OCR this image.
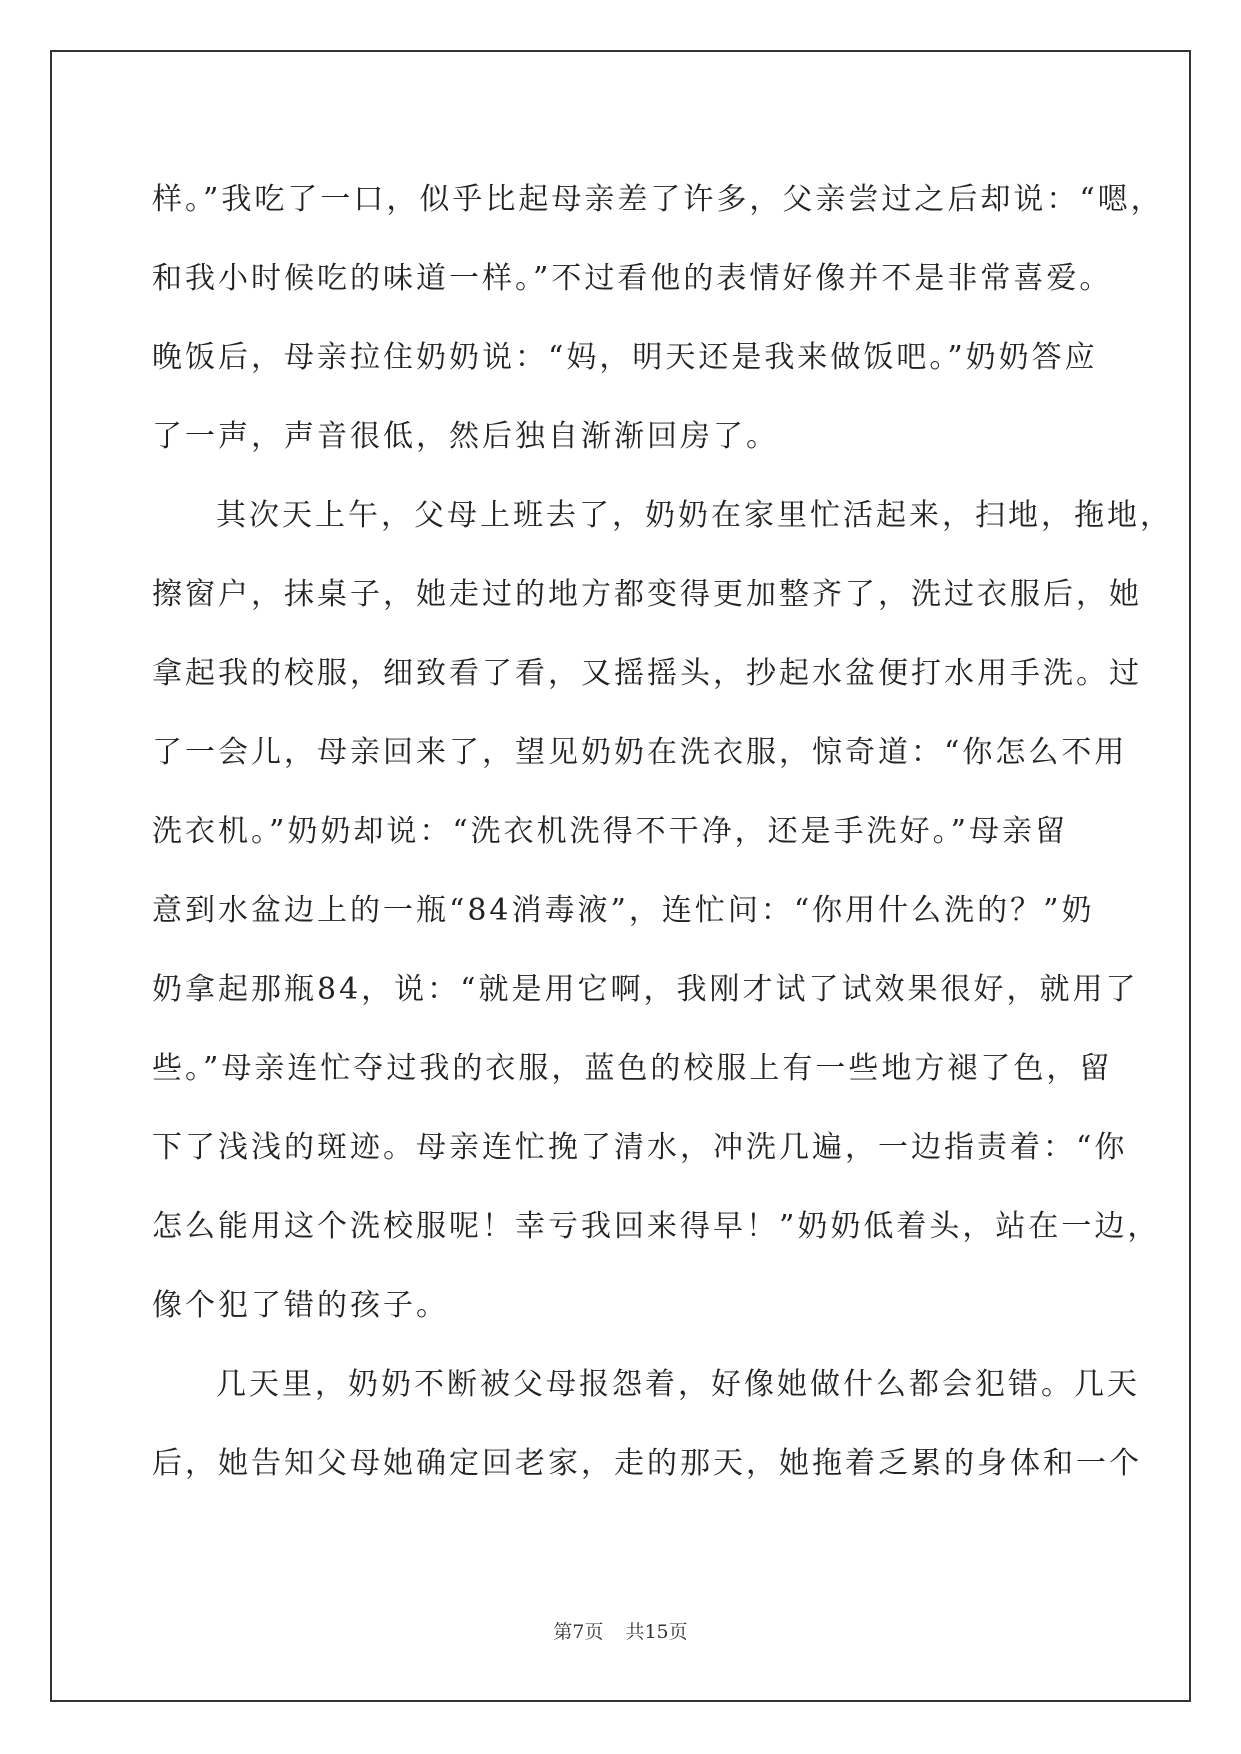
样。”我吃了一口，似乎比起母亲差了许多，父亲尝过之后却说：“嗯，
和我小时候吃的味道一样。”不过看他的表情好像并不是非常喜爱。
晚饭后，母亲拉住奶奶说：“妈，明天还是我来做饭吧。”奶奶答应
了一声，声音很低，然后独自渐渐回房了。
其次天上午，父母上班去了，奶奶在家里忙活起来，扫地，拖地，
擦窗户，抹桌子，她走过的地方都变得更加整齐了，洗过衣服后，她
拿起我的校服，细致看了看，又摇摇头，抄起水盆便打水用手洗。过
了一会儿，母亲回来了，望见奶奶在洗衣服，惊奇道：“你怎么不用
洗衣机。”奶奶却说：“洗衣机洗得不干净，还是手洗好。”母亲留
意到水盆边上的一瓶“84消毒液”，连忙问：“你用什么洗的？”奶
奶拿起那瓶84，说：“就是用它啊，我刚才试了试效果很好，就用了
些。”母亲连忙夺过我的衣服，蓝色的校服上有一些地方褪了色，留
下了浅浅的斑迹。母亲连忙挽了清水，冲洗几遍，一边指责着：“你
怎么能用这个洗校服呢！幸亏我回来得早！”奶奶低着头，站在一边，
像个犯了错的孩子。
几天里，奶奶不断被父母报怨着，好像她做什么都会犯错。几天
后，她告知父母她确定回老家，走的那天，她拖着乏累的身体和一个
第7页 共15页
